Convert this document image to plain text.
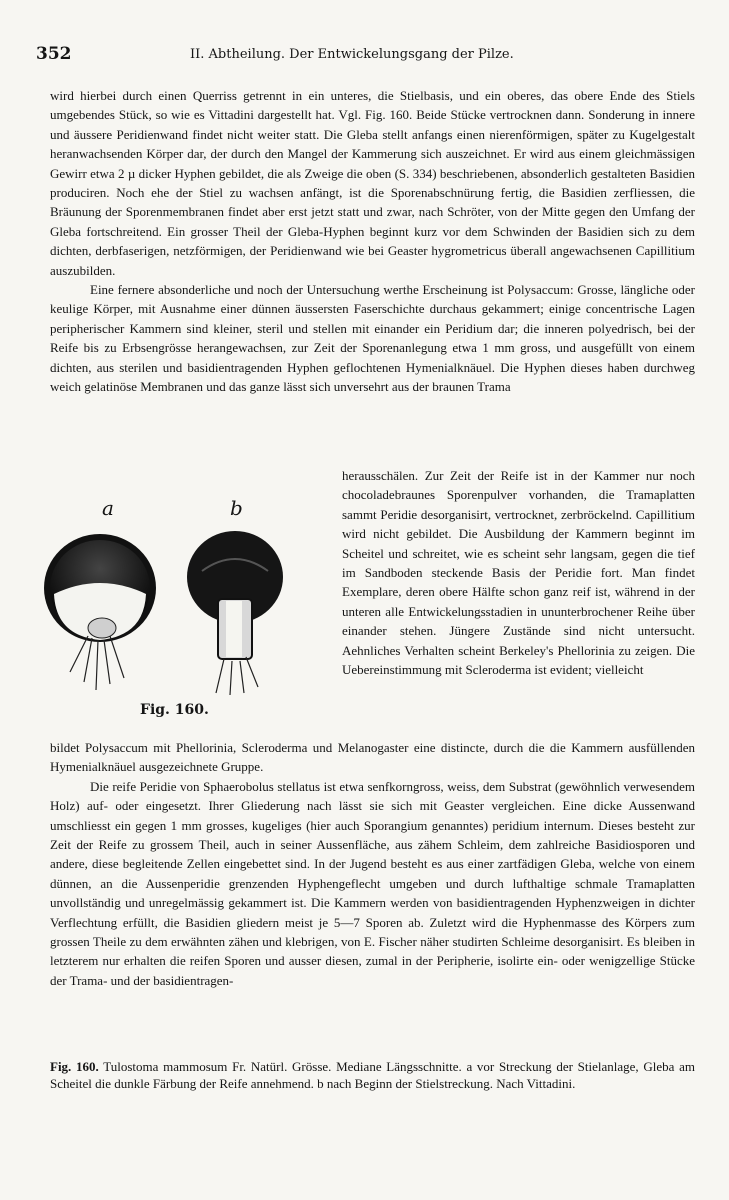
352	II. Abtheilung. Der Entwickelungsgang der Pilze.

wird hierbei durch einen Querriss getrennt in ein unteres, die Stielbasis, und ein oberes, das obere Ende des Stiels umgebendes Stück, so wie es Vittadini dargestellt hat. Vgl. Fig. 160. Beide Stücke vertrocknen dann. Sonderung in innere und äussere Peridienwand findet nicht weiter statt. Die Gleba stellt anfangs einen nierenförmigen, später zu Kugelgestalt heranwachsenden Körper dar, der durch den Mangel der Kammerung sich auszeichnet. Er wird aus einem gleichmässigen Gewirr etwa 2 µ dicker Hyphen gebildet, die als Zweige die oben (S. 334) beschriebenen, absonderlich gestalteten Basidien produciren. Noch ehe der Stiel zu wachsen anfängt, ist die Sporenabschnürung fertig, die Basidien zerfliessen, die Bräunung der Sporenmembranen findet aber erst jetzt statt und zwar, nach Schröter, von der Mitte gegen den Umfang der Gleba fortschreitend. Ein grosser Theil der Gleba-Hyphen beginnt kurz vor dem Schwinden der Basidien sich zu dem dichten, derbfaserigen, netzförmigen, der Peridienwand wie bei Geaster hygrometricus überall angewachsenen Capillitium auszubilden.

Eine fernere absonderliche und noch der Untersuchung werthe Erscheinung ist Polysaccum: Grosse, längliche oder keulige Körper, mit Ausnahme einer dünnen äussersten Faserschichte durchaus gekammert; einige concentrische Lagen peripherischer Kammern sind kleiner, steril und stellen mit einander ein Peridium dar; die inneren polyedrisch, bei der Reife bis zu Erbsengrösse herangewachsen, zur Zeit der Sporenanlegung etwa 1 mm gross, und ausgefüllt von einem dichten, aus sterilen und basidientragenden Hyphen geflochtenen Hymenialknäuel. Die Hyphen dieses haben durchweg weich gelatinöse Membranen und das ganze lässt sich unversehrt aus der braunen Trama

a	b
Fig. 160.
herausschälen. Zur Zeit der Reife ist in der Kammer nur noch chocoladebraunes Sporenpulver vorhanden, die Tramaplatten sammt Peridie desorganisirt, vertrocknet, zerbröckelnd. Capillitium wird nicht gebildet. Die Ausbildung der Kammern beginnt im Scheitel und schreitet, wie es scheint sehr langsam, gegen die tief im Sandboden steckende Basis der Peridie fort. Man findet Exemplare, deren obere Hälfte schon ganz reif ist, während in der unteren alle Entwickelungsstadien in ununterbrochener Reihe über einander stehen. Jüngere Zustände sind nicht untersucht. Aehnliches Verhalten scheint Berkeley's Phellorinia zu zeigen. Die Uebereinstimmung mit Scleroderma ist evident; vielleicht

bildet Polysaccum mit Phellorinia, Scleroderma und Melanogaster eine distincte, durch die die Kammern ausfüllenden Hymenialknäuel ausgezeichnete Gruppe.

Die reife Peridie von Sphaerobolus stellatus ist etwa senfkorngross, weiss, dem Substrat (gewöhnlich verwesendem Holz) auf- oder eingesetzt. Ihrer Gliederung nach lässt sie sich mit Geaster vergleichen. Eine dicke Aussenwand umschliesst ein gegen 1 mm grosses, kugeliges (hier auch Sporangium genanntes) peridium internum. Dieses besteht zur Zeit der Reife zu grossem Theil, auch in seiner Aussenfläche, aus zähem Schleim, dem zahlreiche Basidiosporen und andere, diese begleitende Zellen eingebettet sind. In der Jugend besteht es aus einer zartfädigen Gleba, welche von einem dünnen, an die Aussenperidie grenzenden Hyphengeflecht umgeben und durch lufthaltige schmale Tramaplatten unvollständig und unregelmässig gekammert ist. Die Kammern werden von basidientragenden Hyphenzweigen in dichter Verflechtung erfüllt, die Basidien gliedern meist je 5—7 Sporen ab. Zuletzt wird die Hyphenmasse des Körpers zum grossen Theile zu dem erwähnten zähen und klebrigen, von E. Fischer näher studirten Schleime desorganisirt. Es bleiben in letzterem nur erhalten die reifen Sporen und ausser diesen, zumal in der Peripherie, isolirte ein- oder wenigzellige Stücke der Trama- und der basidientragen-

Fig. 160. Tulostoma mammosum Fr. Natürl. Grösse. Mediane Längsschnitte. a vor Streckung der Stielanlage, Gleba am Scheitel die dunkle Färbung der Reife annehmend. b nach Beginn der Stielstreckung. Nach Vittadini.
